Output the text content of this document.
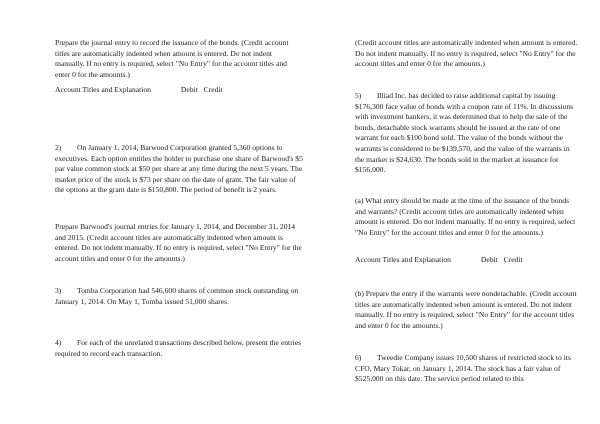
Prepare the journal entry to record the issuance of the bonds. (Credit account titles are automatically indented when amount is entered. Do not indent manually. If no entry is required, select "No Entry" for the account titles and enter 0 for the amounts.)

Account Titles and Explanation	Debit Credit

2) On January 1, 2014, Barwood Corporation granted 5,360 options to executives. Each option entitles the holder to purchase one share of Barwood's $5 par value common stock at $50 per share at any time during the next 5 years. The market price of the stock is $73 per share on the date of grant. The fair value of the options at the grant date is $150,800. The period of benefit is 2 years.

Prepare Barwood's journal entries for January 1, 2014, and December 31, 2014 and 2015. (Credit account titles are automatically indented when amount is entered. Do not indent manually. If no entry is required, select "No Entry" for the account titles and enter 0 for the amounts.)

3) Tomba Corporation had 546,600 shares of common stock outstanding on January 1, 2014. On May 1, Tomba issued 51,000 shares.

4) For each of the unrelated transactions described below, present the entries required to record each transaction.

(Credit account titles are automatically indented when amount is entered. Do not indent manually. If no entry is required, select "No Entry" for the account titles and enter 0 for the amounts.)

5) Illiad Inc. has decided to raise additional capital by issuing $176,300 face value of bonds with a coupon rate of 11%. In discussions with investment bankers, it was determined that to help the sale of the bonds, detachable stock warrants should be issued at the rate of one warrant for each $100 bond sold. The value of the bonds without the warrants is considered to be $139,570, and the value of the warrants in the market is $24,630. The bonds sold in the market at issuance for $156,000.

(a) What entry should be made at the time of the issuance of the bonds and warrants? (Credit account titles are automatically indented when amount is entered. Do not indent manually. If no entry is required, select "No Entry" for the account titles and enter 0 for the amounts.)

Account Titles and Explanation	Debit Credit

(b) Prepare the entry if the warrants were nondetachable. (Credit account titles are automatically indented when amount is entered. Do not indent manually. If no entry is required, select "No Entry" for the account titles and enter 0 for the amounts.)

6) Tweedie Company issues 10,500 shares of restricted stock to its CFO, Mary Tokar, on January 1, 2014. The stock has a fair value of $525,000 on this date. The service period related to this
